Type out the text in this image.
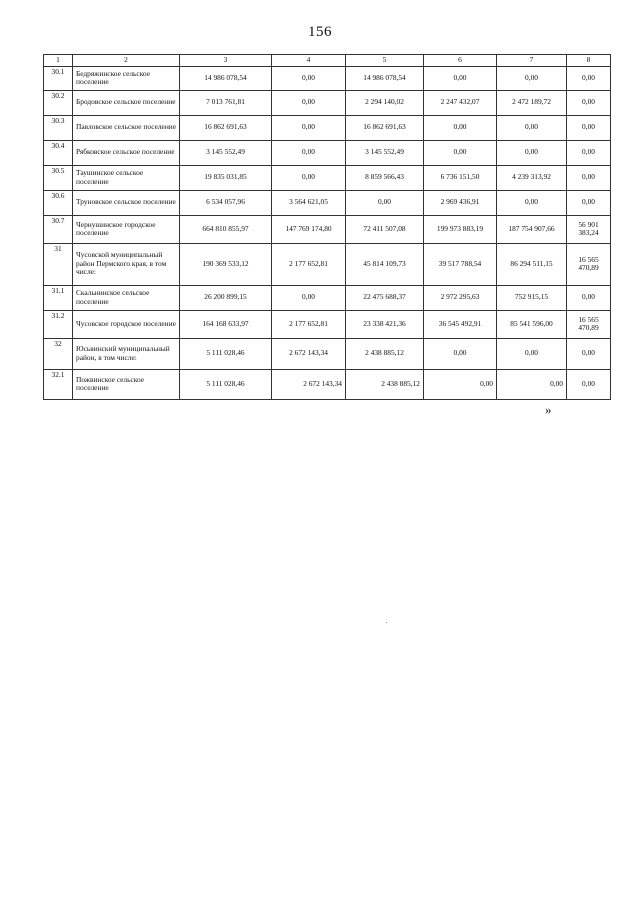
156
1	2	3	4	5	6	7	8
30.1	Бедряжинское сельское поселение	14 986 078,54	0,00	14 986 078,54	0,00	0,00	0,00
30.2	Бродовское сельское поселение	7 013 761,81	0,00	2 294 140,02	2 247 432,07	2 472 189,72	0,00
30.3	Павловское сельское поселение	16 862 691,63	0,00	16 862 691,63	0,00	0,00	0,00
30.4	Рябковское сельское поселение	3 145 552,49	0,00	3 145 552,49	0,00	0,00	0,00
30.5	Таушинское сельское поселение	19 835 031,85	0,00	8 859 566,43	6 736 151,50	4 239 313,92	0,00
30.6	Труновское сельское поселение	6 534 057,96	3 564 621,05	0,00	2 969 436,91	0,00	0,00
30.7	Чернушинское городское поселение	664 810 855,97	147 769 174,80	72 411 507,08	199 973 883,19	187 754 907,66	56 901 383,24
31	Чусовской муниципальный район Пермского края, в том числе:	190 369 533,12	2 177 652,81	45 814 109,73	39 517 788,54	86 294 511,15	16 565 470,89
31.1	Скальнинское сельское поселение	26 200 899,15	0,00	22 475 688,37	2 972 295,63	752 915,15	0,00
31.2	Чусовское городское поселение	164 168 633,97	2 177 652,81	23 338 421,36	36 545 492,91	85 541 596,00	16 565 470,89
32	Юсьвинский муниципальный район, в том числе:	5 111 028,46	2 672 143,34	2 438 885,12	0,00	0,00	0,00
32.1	Пожвинское сельское поселение	5 111 028,46	2 672 143,34	2 438 885,12	0,00	0,00	0,00
»
